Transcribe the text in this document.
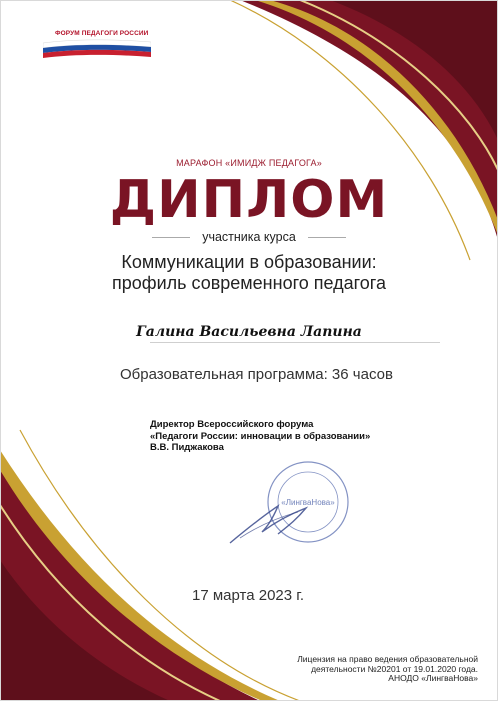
ФОРУМ ПЕДАГОГИ РОССИИ
МАРАФОН «ИМИДЖ ПЕДАГОГА»
ДИПЛОМ
участника курса
Коммуникации в образовании:
профиль современного педагога
Галина Васильевна Лапина
Образовательная программа: 36 часов
Директор Всероссийского форума
«Педагоги России: инновации в образовании»
В.В. Пиджакова
«ЛингваНова»
17 марта 2023 г.
Лицензия на право ведения образовательной
деятельности №20201 от 19.01.2020 года.
АНОДО «ЛингваНова»
